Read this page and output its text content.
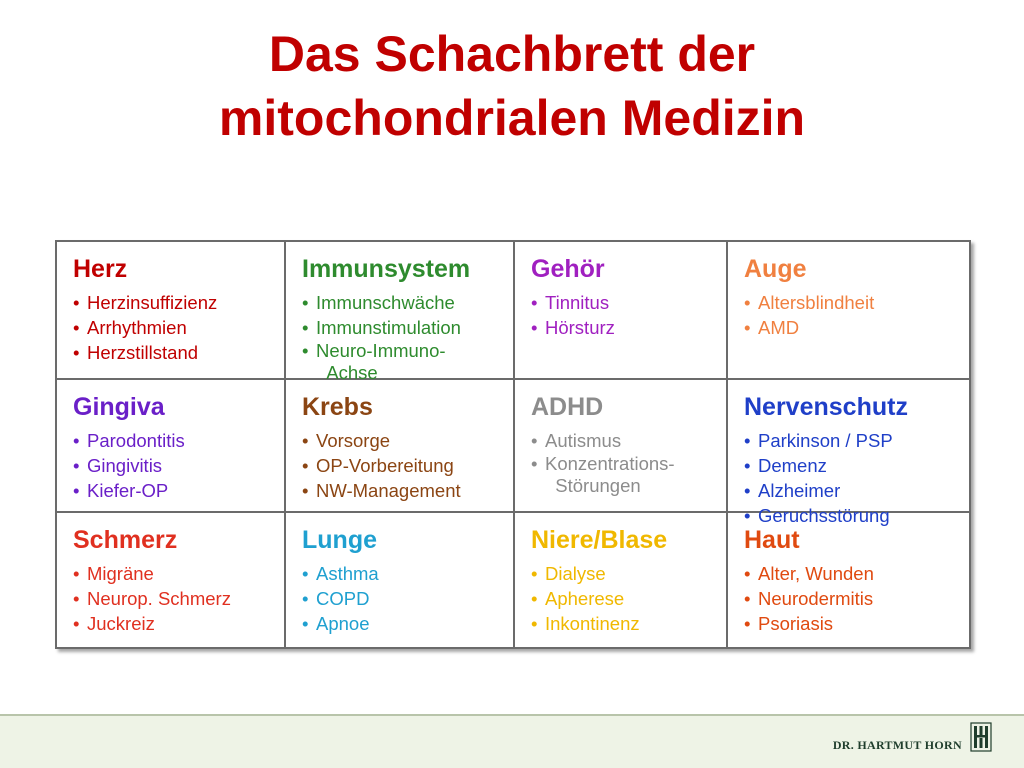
Das Schachbrett der
mitochondrialen Medizin
Herz
• Herzinsuffizienz
• Arrhythmien
• Herzstillstand
Immunsystem
• Immunschwäche
• Immunstimulation
• Neuro-Immuno-
Achse
Gehör
• Tinnitus
• Hörsturz
Auge
• Altersblindheit
• AMD
Gingiva
• Parodontitis
• Gingivitis
• Kiefer-OP
Krebs
• Vorsorge
• OP-Vorbereitung
• NW-Management
ADHD
• Autismus
• Konzentrations-
Störungen
Nervenschutz
• Parkinson / PSP
• Demenz
• Alzheimer
• Geruchsstörung
Schmerz
• Migräne
• Neurop. Schmerz
• Juckreiz
Lunge
• Asthma
• COPD
• Apnoe
Niere/Blase
• Dialyse
• Apherese
• Inkontinenz
Haut
• Alter, Wunden
• Neurodermitis
• Psoriasis
DR. HARTMUT HORN
